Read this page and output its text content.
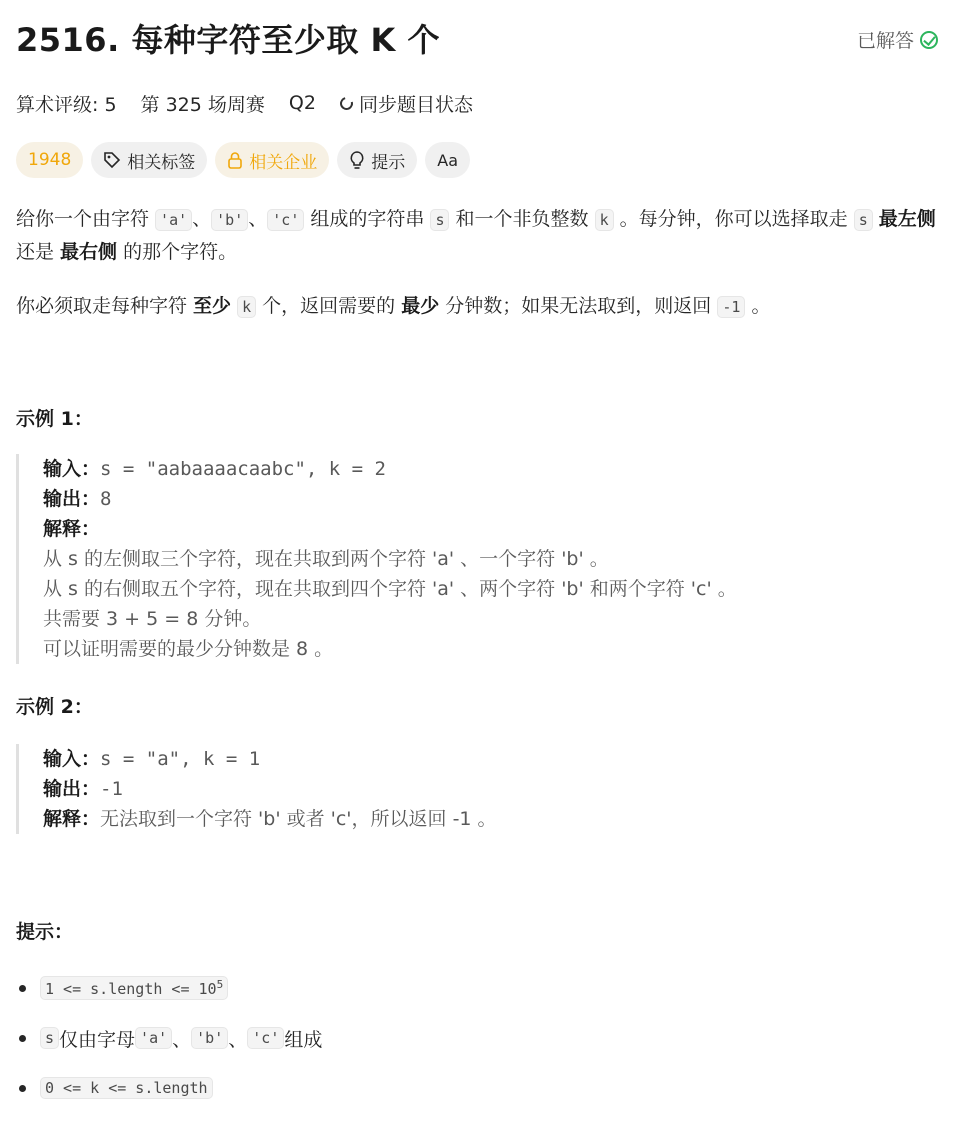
2516. 每种字符至少取 K 个	已解答
算术评级: 5 第 325 场周赛 Q2 同步题目状态
1948	相关标签	相关企业	提示 Aa
给你一个由字符 'a' 、 'b' 、 'c' 组成的字符串 s 和一个非负整数 k 。每分钟，你可以选择取走 s 最左侧 还是 最右侧 的那个字符。
你必须取走每种字符 至少 k 个，返回需要的 最少 分钟数；如果无法取到，则返回 -1 。
示例 1：
输入：s = "aabaaaacaabc", k = 2
输出：8
解释：
从 s 的左侧取三个字符，现在共取到两个字符 'a' 、一个字符 'b' 。
从 s 的右侧取五个字符，现在共取到四个字符 'a' 、两个字符 'b' 和两个字符 'c' 。
共需要 3 + 5 = 8 分钟。
可以证明需要的最少分钟数是 8 。
示例 2：
输入：s = "a", k = 1
输出：-1
解释：无法取到一个字符 'b' 或者 'c'，所以返回 -1 。
提示：
1 <= s.length <= $10^5$
s 仅由字母 'a' 、 'b' 、 'c' 组成
0 <= k <= s.length
